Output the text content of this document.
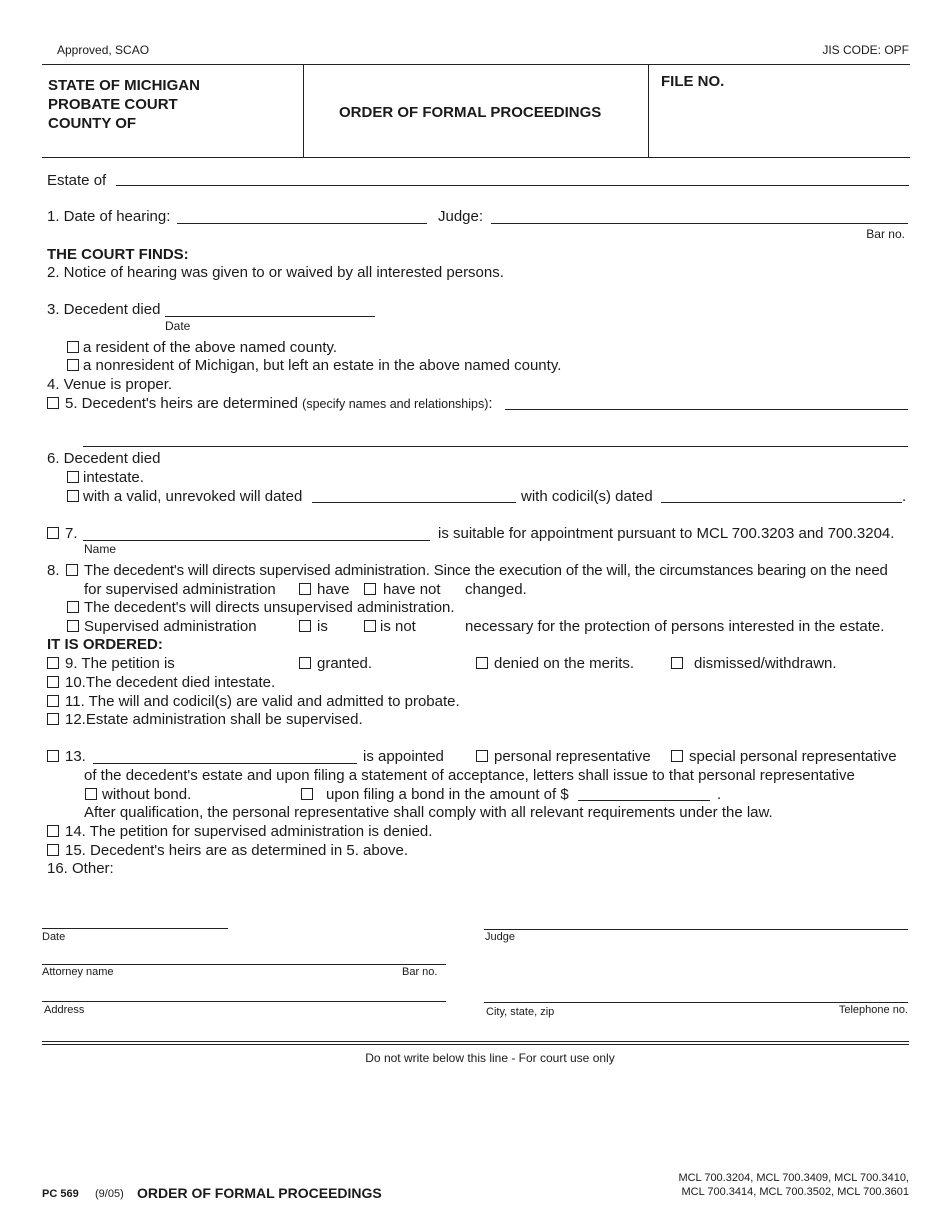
Approved, SCAO	JIS CODE: OPF
STATE OF MICHIGAN
PROBATE COURT
COUNTY OF
ORDER OF FORMAL PROCEEDINGS
FILE NO.
Estate of
1. Date of hearing:	Judge:
Bar no.
THE COURT FINDS:
2. Notice of hearing was given to or waived by all interested persons.
3. Decedent died
Date
a resident of the above named county.
a nonresident of Michigan, but left an estate in the above named county.
4. Venue is proper.
5. Decedent's heirs are determined (specify names and relationships):
6. Decedent died
intestate.
with a valid, unrevoked will dated	with codicil(s) dated	.
7.	is suitable for appointment pursuant to MCL 700.3203 and 700.3204.
Name
8. The decedent's will directs supervised administration. Since the execution of the will, the circumstances bearing on the need
for supervised administration	have have not changed.
The decedent's will directs unsupervised administration.
Supervised administration	is	is not	necessary for the protection of persons interested in the estate.
IT IS ORDERED:
9. The petition is	granted.	denied on the merits.	dismissed/withdrawn.
10.The decedent died intestate.
11. The will and codicil(s) are valid and admitted to probate.
12.Estate administration shall be supervised.
13.	is appointed	personal representative	special personal representative
of the decedent's estate and upon filing a statement of acceptance, letters shall issue to that personal representative
without bond.	upon filing a bond in the amount of $	.
After qualification, the personal representative shall comply with all relevant requirements under the law.
14. The petition for supervised administration is denied.
15. Decedent's heirs are as determined in 5. above.
16. Other:
Date	Judge
Attorney name	Bar no.
Address	City, state, zip	Telephone no.
Do not write below this line - For court use only
PC 569 (9/05) ORDER OF FORMAL PROCEEDINGS
MCL 700.3204, MCL 700.3409, MCL 700.3410,
MCL 700.3414, MCL 700.3502, MCL 700.3601
